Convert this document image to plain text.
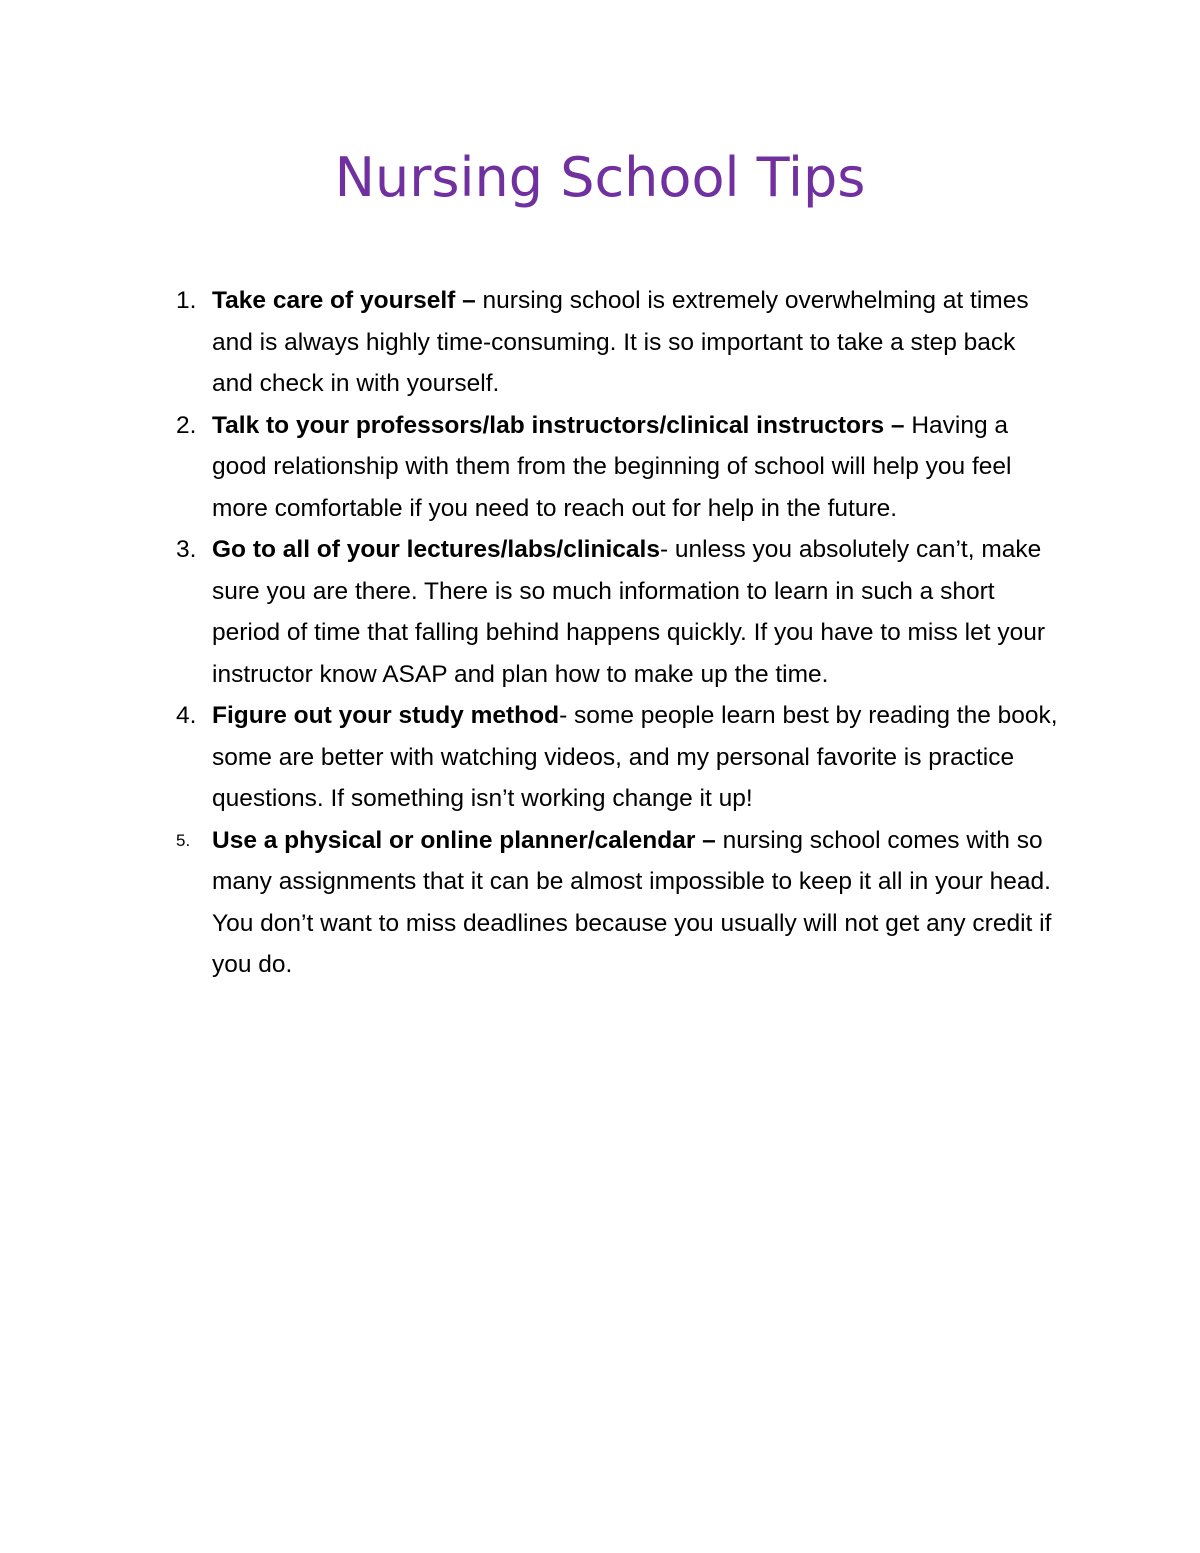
Nursing School Tips
1. Take care of yourself – nursing school is extremely overwhelming at times and is always highly time-consuming. It is so important to take a step back and check in with yourself.
2. Talk to your professors/lab instructors/clinical instructors – Having a good relationship with them from the beginning of school will help you feel more comfortable if you need to reach out for help in the future.
3. Go to all of your lectures/labs/clinicals- unless you absolutely can’t, make sure you are there. There is so much information to learn in such a short period of time that falling behind happens quickly. If you have to miss let your instructor know ASAP and plan how to make up the time.
4. Figure out your study method- some people learn best by reading the book, some are better with watching videos, and my personal favorite is practice questions. If something isn’t working change it up!
5. Use a physical or online planner/calendar – nursing school comes with so many assignments that it can be almost impossible to keep it all in your head. You don’t want to miss deadlines because you usually will not get any credit if you do.
